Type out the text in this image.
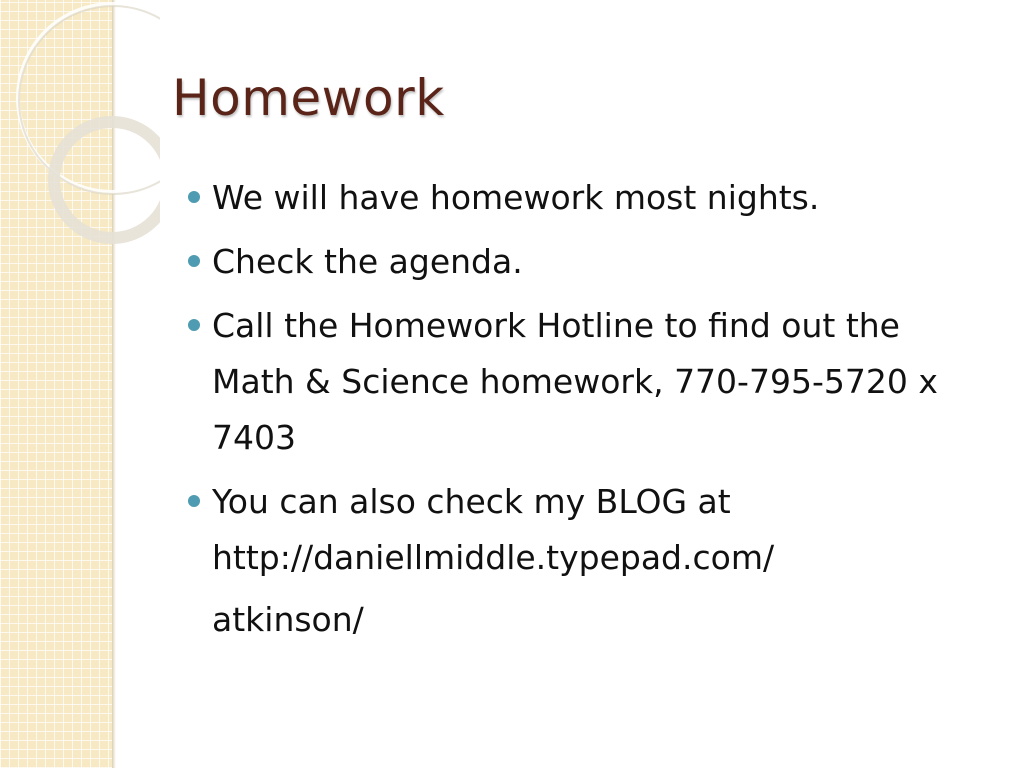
Homework
We will have homework most nights.
Check the agenda.
Call the Homework Hotline to find out the Math & Science homework, 770-795-5720 x 7403
You can also check my BLOG at http://daniellmiddle.typepad.com/
atkinson/
